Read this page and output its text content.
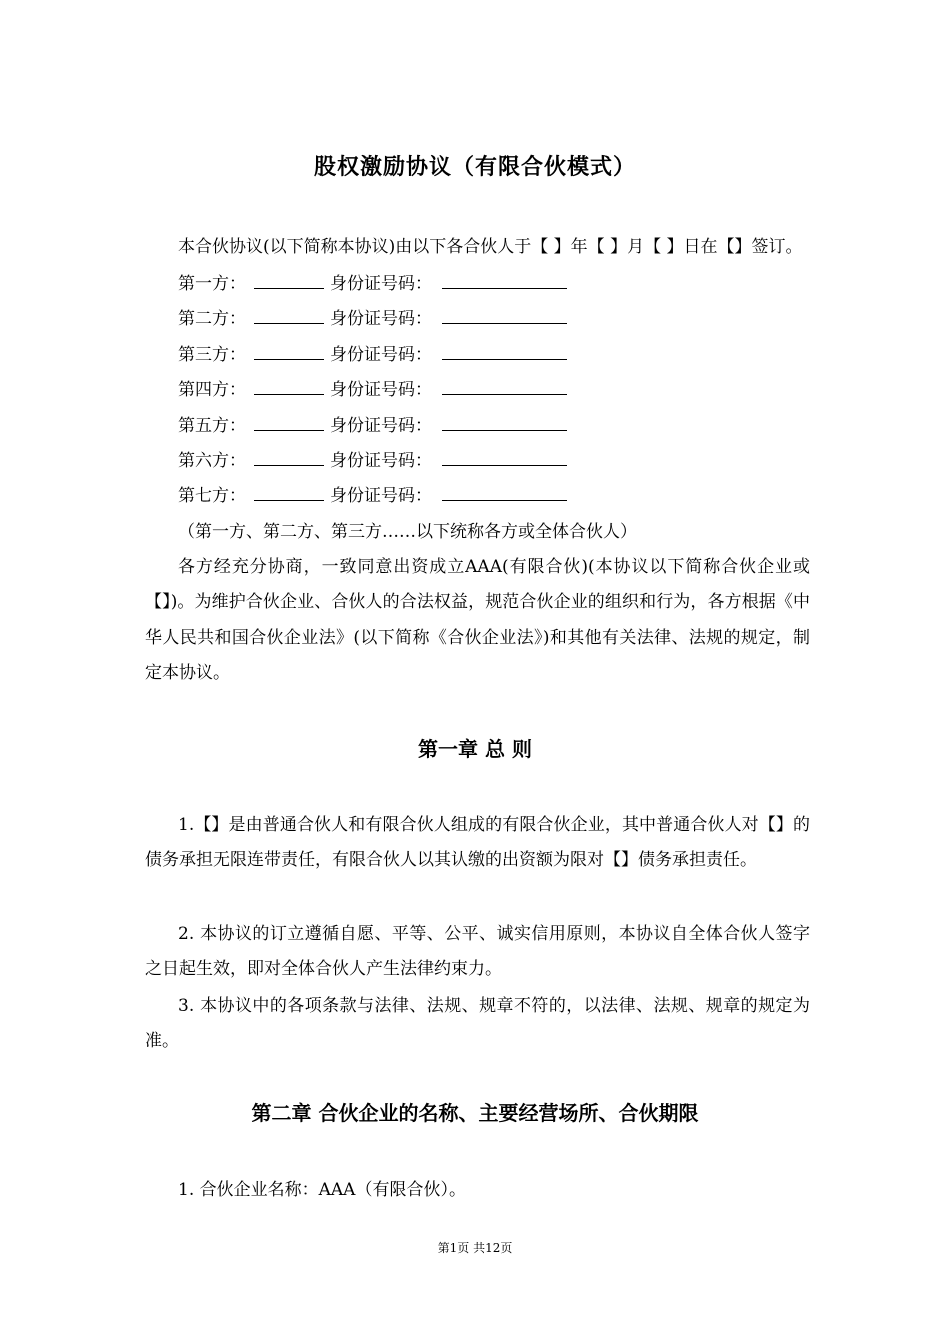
股权激励协议（有限合伙模式）
本合伙协议(以下简称本协议)由以下各合伙人于【 】年【 】月【 】日在【】签订。
第一方：	身份证号码：
第二方：	身份证号码：
第三方：	身份证号码：
第四方：	身份证号码：
第五方：	身份证号码：
第六方：	身份证号码：
第七方：	身份证号码：
（第一方、第二方、第三方……以下统称各方或全体合伙人）
各方经充分协商，一致同意出资成立AAA(有限合伙)(本协议以下简称合伙企业或【】)。为维护合伙企业、合伙人的合法权益，规范合伙企业的组织和行为，各方根据《中华人民共和国合伙企业法》(以下简称《合伙企业法》)和其他有关法律、法规的规定，制定本协议。
第一章 总 则
1.【】是由普通合伙人和有限合伙人组成的有限合伙企业，其中普通合伙人对【】的债务承担无限连带责任，有限合伙人以其认缴的出资额为限对【】债务承担责任。
2. 本协议的订立遵循自愿、平等、公平、诚实信用原则，本协议自全体合伙人签字之日起生效，即对全体合伙人产生法律约束力。
3. 本协议中的各项条款与法律、法规、规章不符的，以法律、法规、规章的规定为准。
第二章 合伙企业的名称、主要经营场所、合伙期限
1. 合伙企业名称：AAA（有限合伙）。
第1页 共12页
